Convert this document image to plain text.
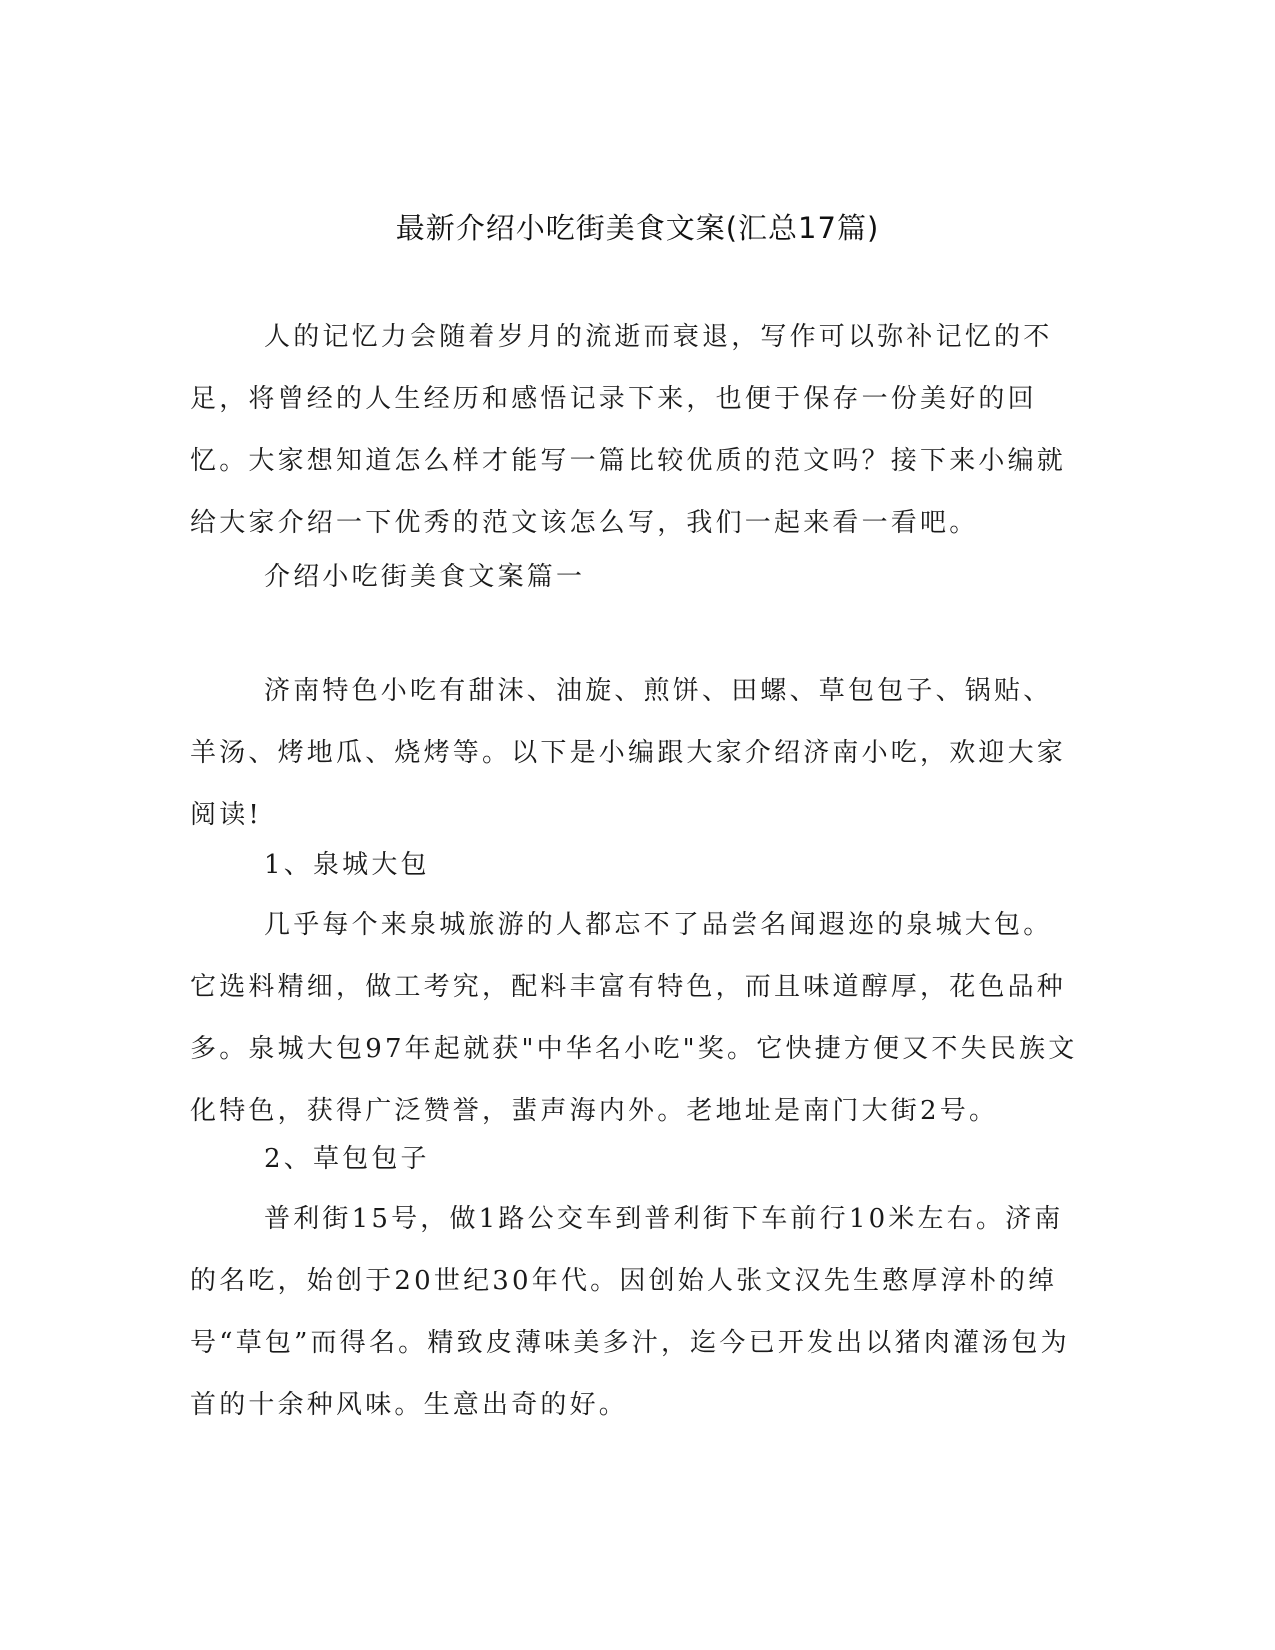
最新介绍小吃街美食文案(汇总17篇)

人的记忆力会随着岁月的流逝而衰退，写作可以弥补记忆的不足，将曾经的人生经历和感悟记录下来，也便于保存一份美好的回忆。大家想知道怎么样才能写一篇比较优质的范文吗？接下来小编就给大家介绍一下优秀的范文该怎么写，我们一起来看一看吧。

介绍小吃街美食文案篇一

济南特色小吃有甜沫、油旋、煎饼、田螺、草包包子、锅贴、羊汤、烤地瓜、烧烤等。以下是小编跟大家介绍济南小吃，欢迎大家阅读!

1、泉城大包

几乎每个来泉城旅游的人都忘不了品尝名闻遐迩的泉城大包。它选料精细，做工考究，配料丰富有特色，而且味道醇厚，花色品种多。泉城大包97年起就获"中华名小吃"奖。它快捷方便又不失民族文化特色，获得广泛赞誉，蜚声海内外。老地址是南门大街2号。

2、草包包子

普利街15号，做1路公交车到普利街下车前行10米左右。济南的名吃，始创于20世纪30年代。因创始人张文汉先生憨厚淳朴的绰号“草包”而得名。精致皮薄味美多汁，迄今已开发出以猪肉灌汤包为首的十余种风味。生意出奇的好。
